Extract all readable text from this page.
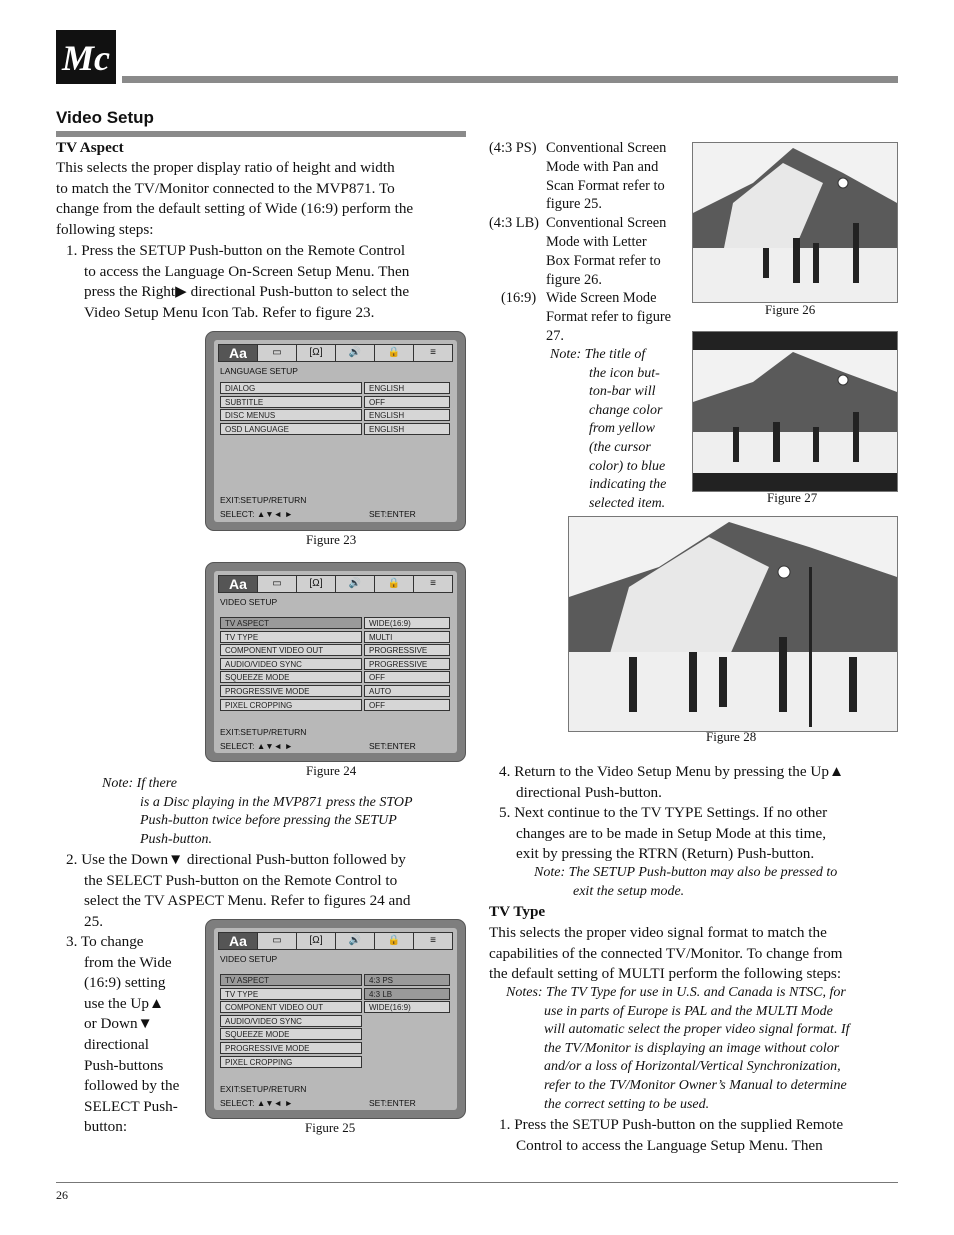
Mc
Video Setup
TV Aspect
This selects the proper display ratio of height and width
to match the TV/Monitor connected to the MVP871. To
change from the default setting of Wide (16:9) perform the
following steps:
1. Press the SETUP Push-button on the Remote Control
to access the Language On-Screen Setup Menu. Then
press the Right▶ directional Push-button to select the
Video Setup Menu Icon Tab. Refer to figure 23.
Aa	▭	[Ω]	🔊	🔒	≡
LANGUAGE SETUP
DIALOG	ENGLISH
SUBTITLE	OFF
DISC MENUS	ENGLISH
OSD LANGUAGE	ENGLISH
EXIT:SETUP/RETURN
SELECT: ▲▼◄ ►	SET:ENTER
Figure 23
Aa	▭	[Ω]	🔊	🔒	≡
VIDEO SETUP
TV ASPECT	WIDE(16:9)
TV TYPE	MULTI
COMPONENT VIDEO OUT	PROGRESSIVE
AUDIO/VIDEO SYNC	PROGRESSIVE
SQUEEZE MODE	OFF
PROGRESSIVE MODE	AUTO
PIXEL CROPPING	OFF
EXIT:SETUP/RETURN
SELECT: ▲▼◄ ►	SET:ENTER
Figure 24
Note: If there
is a Disc playing in the MVP871 press the STOP
Push-button twice before pressing the SETUP
Push-button.
2. Use the Down▼ directional Push-button followed by
the SELECT Push-button on the Remote Control to
select the TV ASPECT Menu. Refer to figures 24 and
25.
3. To change
from the Wide
(16:9) setting
use the Up▲
or Down▼
directional
Push-buttons
followed by the
SELECT Push-
button:
Aa	▭	[Ω]	🔊	🔒	≡
VIDEO SETUP
TV ASPECT	4:3 PS
TV TYPE	4:3 LB
COMPONENT VIDEO OUT	WIDE(16:9)
AUDIO/VIDEO SYNC
SQUEEZE MODE
PROGRESSIVE MODE
PIXEL CROPPING
EXIT:SETUP/RETURN
SELECT: ▲▼◄ ►	SET:ENTER
Figure 25
(4:3 PS) Conventional Screen
Mode with Pan and
Scan Format refer to
figure 25.
(4:3 LB) Conventional Screen
Mode with Letter
Box Format refer to
figure 26.
(16:9) Wide Screen Mode
Format refer to figure
27.
Note: The title of
the icon but-
ton-bar will
change color
from yellow
(the cursor
color) to blue
indicating the
selected item.
Figure 26
Figure 27
Figure 28
4. Return to the Video Setup Menu by pressing the Up▲
directional Push-button.
5. Next continue to the TV TYPE Settings. If no other
changes are to be made in Setup Mode at this time,
exit by pressing the RTRN (Return) Push-button.
Note: The SETUP Push-button may also be pressed to
exit the setup mode.
TV Type
This selects the proper video signal format to match the
capabilities of the connected TV/Monitor. To change from
the default setting of MULTI perform the following steps:
Notes: The TV Type for use in U.S. and Canada is NTSC, for
use in parts of Europe is PAL and the MULTI Mode
will automatic select the proper video signal format. If
the TV/Monitor is displaying an image without color
and/or a loss of Horizontal/Vertical Synchronization,
refer to the TV/Monitor Owner’s Manual to determine
the correct setting to be used.
1. Press the SETUP Push-button on the supplied Remote
Control to access the Language Setup Menu. Then
26
